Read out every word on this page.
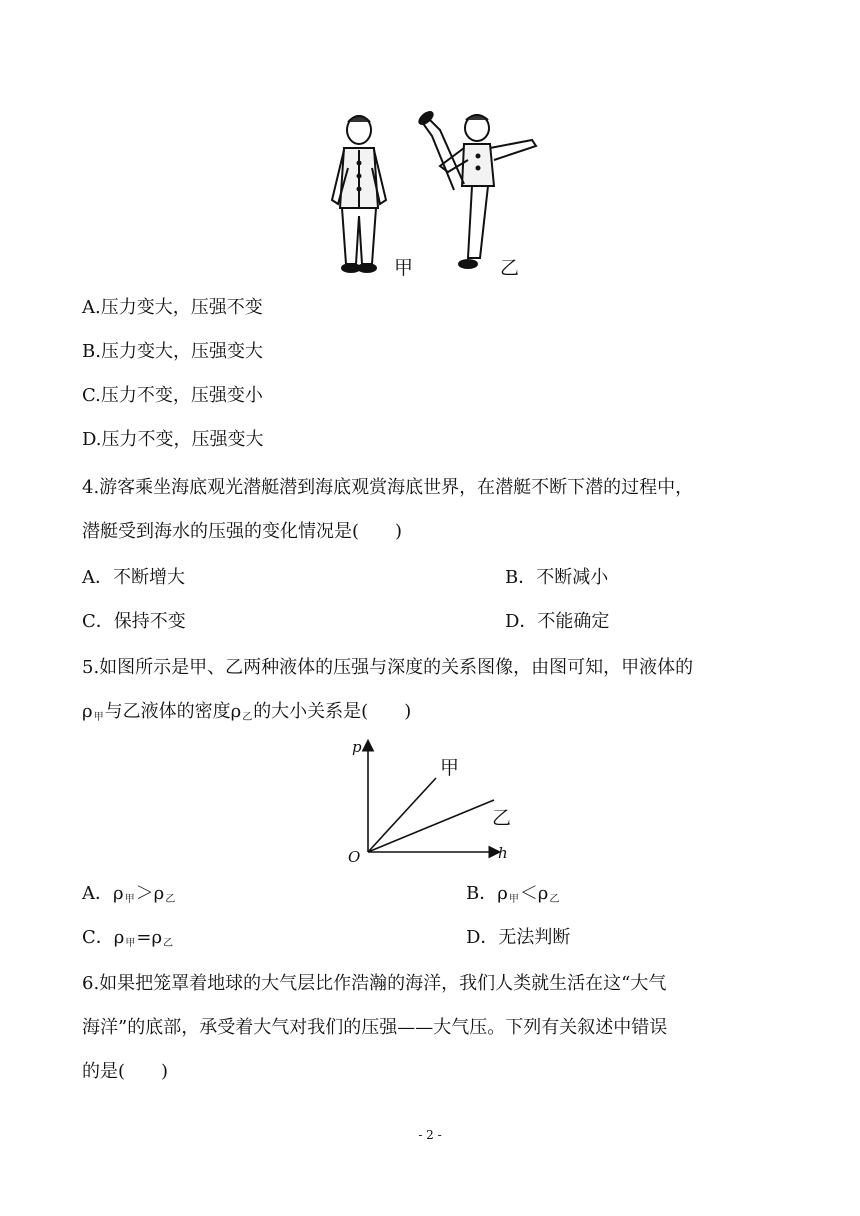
甲	乙
A.压力变大，压强不变
B.压力变大，压强变大
C.压力不变，压强变小
D.压力不变，压强变大
4.游客乘坐海底观光潜艇潜到海底观赏海底世界，在潜艇不断下潜的过程中，
潜艇受到海水的压强的变化情况是(　　)
A．不断增大	B．不断减小
C．保持不变	D．不能确定
5.如图所示是甲、乙两种液体的压强与深度的关系图像，由图可知，甲液体的
$\rho_甲$与乙液体的密度$\rho_乙$的大小关系是(　　)
p
h
O
甲
乙
A．$\rho_甲>\rho_乙$	B．$\rho_甲<\rho_乙$
C．$\rho_甲=\rho_乙$	D．无法判断
6.如果把笼罩着地球的大气层比作浩瀚的海洋，我们人类就生活在这“大气
海洋”的底部，承受着大气对我们的压强——大气压。下列有关叙述中错误
的是(　　)
- 2 -
